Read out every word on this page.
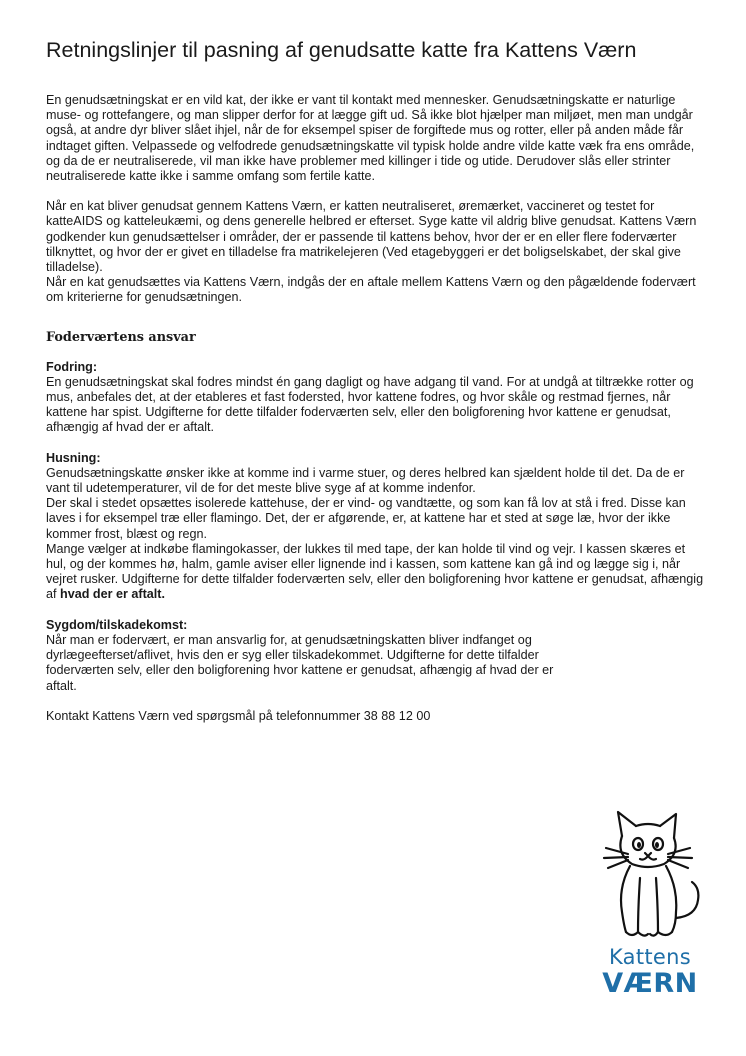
Retningslinjer til pasning af genudsatte katte fra Kattens Værn

En genudsætningskat er en vild kat, der ikke er vant til kontakt med mennesker. Genudsætningskatte er naturlige muse- og rottefangere, og man slipper derfor for at lægge gift ud. Så ikke blot hjælper man miljøet, men man undgår også, at andre dyr bliver slået ihjel, når de for eksempel spiser de forgiftede mus og rotter, eller på anden måde får indtaget giften. Velpassede og velfodrede genudsætningskatte vil typisk holde andre vilde katte væk fra ens område, og da de er neutraliserede, vil man ikke have problemer med killinger i tide og utide. Derudover slås eller strinter neutraliserede katte ikke i samme omfang som fertile katte.

Når en kat bliver genudsat gennem Kattens Værn, er katten neutraliseret, øremærket, vaccineret og testet for katteAIDS og katteleukæmi, og dens generelle helbred er efterset. Syge katte vil aldrig blive genudsat. Kattens Værn godkender kun genudsættelser i områder, der er passende til kattens behov, hvor der er en eller flere foderværter tilknyttet, og hvor der er givet en tilladelse fra matrikelejeren (Ved etagebyggeri er det boligselskabet, der skal give tilladelse).

Når en kat genudsættes via Kattens Værn, indgås der en aftale mellem Kattens Værn og den pågældende fodervært om kriterierne for genudsætningen.

Foderværtens ansvar

Fodring:

En genudsætningskat skal fodres mindst én gang dagligt og have adgang til vand. For at undgå at tiltrække rotter og mus, anbefales det, at der etableres et fast fodersted, hvor kattene fodres, og hvor skåle og restmad fjernes, når kattene har spist. Udgifterne for dette tilfalder foderværten selv, eller den boligforening hvor kattene er genudsat, afhængig af hvad der er aftalt.

Husning:

Genudsætningskatte ønsker ikke at komme ind i varme stuer, og deres helbred kan sjældent holde til det. Da de er vant til udetemperaturer, vil de for det meste blive syge af at komme indenfor.

Der skal i stedet opsættes isolerede kattehuse, der er vind- og vandtætte, og som kan få lov at stå i fred. Disse kan laves i for eksempel træ eller flamingo. Det, der er afgørende, er, at kattene har et sted at søge læ, hvor der ikke kommer frost, blæst og regn.

Mange vælger at indkøbe flamingokasser, der lukkes til med tape, der kan holde til vind og vejr. I kassen skæres et hul, og der kommes hø, halm, gamle aviser eller lignende ind i kassen, som kattene kan gå ind og lægge sig i, når vejret rusker. Udgifterne for dette tilfalder foderværten selv, eller den boligforening hvor kattene er genudsat, afhængig af hvad der er aftalt.

Sygdom/tilskadekomst:

Når man er fodervært, er man ansvarlig for, at genudsætningskatten bliver indfanget og dyrlægeefterset/aflivet, hvis den er syg eller tilskadekommet. Udgifterne for dette tilfalder foderværten selv, eller den boligforening hvor kattene er genudsat, afhængig af hvad der er aftalt.

Kontakt Kattens Værn ved spørgsmål på telefonnummer 38 88 12 00

Kattens
VÆRN
